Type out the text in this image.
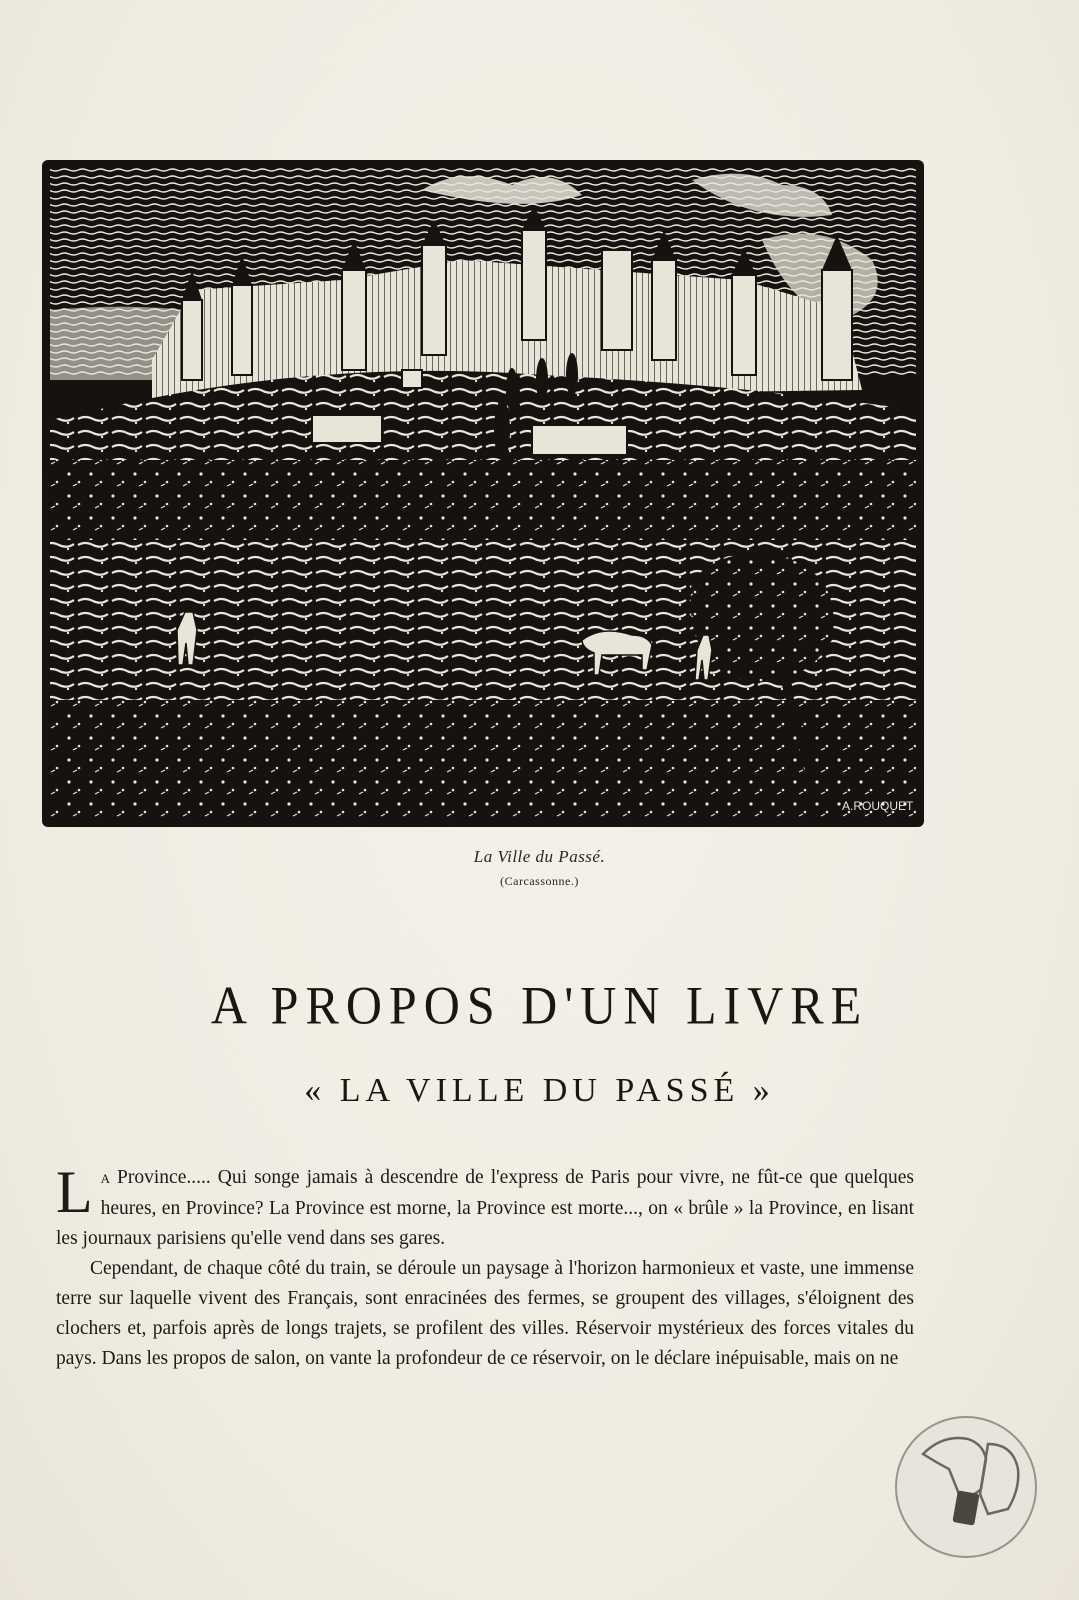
A.ROUQUET
La Ville du Passé.
(Carcassonne.)
A PROPOS D'UN LIVRE
« LA VILLE DU PASSÉ »

L A Province..... Qui songe jamais à descendre de l'express de Paris pour vivre, ne fût-ce que quelques heures, en Province? La Province est morne, la Province est morte..., on « brûle » la Province, en lisant les journaux parisiens qu'elle vend dans ses gares.

Cependant, de chaque côté du train, se déroule un paysage à l'horizon harmonieux et vaste, une immense terre sur laquelle vivent des Français, sont enracinées des fermes, se groupent des villages, s'éloignent des clochers et, parfois après de longs trajets, se profilent des villes. Réservoir mystérieux des forces vitales du pays. Dans les propos de salon, on vante la profondeur de ce réservoir, on le déclare inépuisable, mais on ne
